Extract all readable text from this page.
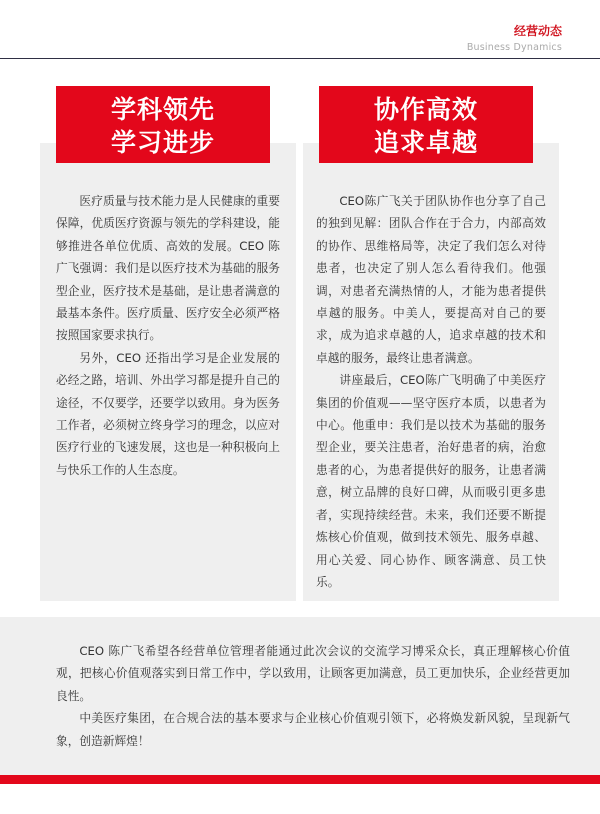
经营动态
Business Dynamics
学科领先
学习进步
协作高效
追求卓越

医疗质量与技术能力是人民健康的重要保障，优质医疗资源与领先的学科建设，能够推进各单位优质、高效的发展。CEO 陈广飞强调：我们是以医疗技术为基础的服务型企业，医疗技术是基础，是让患者满意的最基本条件。医疗质量、医疗安全必须严格按照国家要求执行。

另外，CEO 还指出学习是企业发展的必经之路，培训、外出学习都是提升自己的途径，不仅要学，还要学以致用。身为医务工作者，必须树立终身学习的理念，以应对医疗行业的飞速发展，这也是一种积极向上与快乐工作的人生态度。

CEO陈广飞关于团队协作也分享了自己的独到见解：团队合作在于合力，内部高效的协作、思维格局等，决定了我们怎么对待患者，也决定了别人怎么看待我们。他强调，对患者充满热情的人，才能为患者提供卓越的服务。中美人，要提高对自己的要求，成为追求卓越的人，追求卓越的技术和卓越的服务，最终让患者满意。

讲座最后，CEO陈广飞明确了中美医疗集团的价值观——坚守医疗本质，以患者为中心。他重申：我们是以技术为基础的服务型企业，要关注患者，治好患者的病，治愈患者的心，为患者提供好的服务，让患者满意，树立品牌的良好口碑，从而吸引更多患者，实现持续经营。未来，我们还要不断提炼核心价值观，做到技术领先、服务卓越、用心关爱、同心协作、顾客满意、员工快乐。

CEO 陈广飞希望各经营单位管理者能通过此次会议的交流学习博采众长，真正理解核心价值观，把核心价值观落实到日常工作中，学以致用，让顾客更加满意，员工更加快乐，企业经营更加良性。

中美医疗集团，在合规合法的基本要求与企业核心价值观引领下，必将焕发新风貌，呈现新气象，创造新辉煌！
